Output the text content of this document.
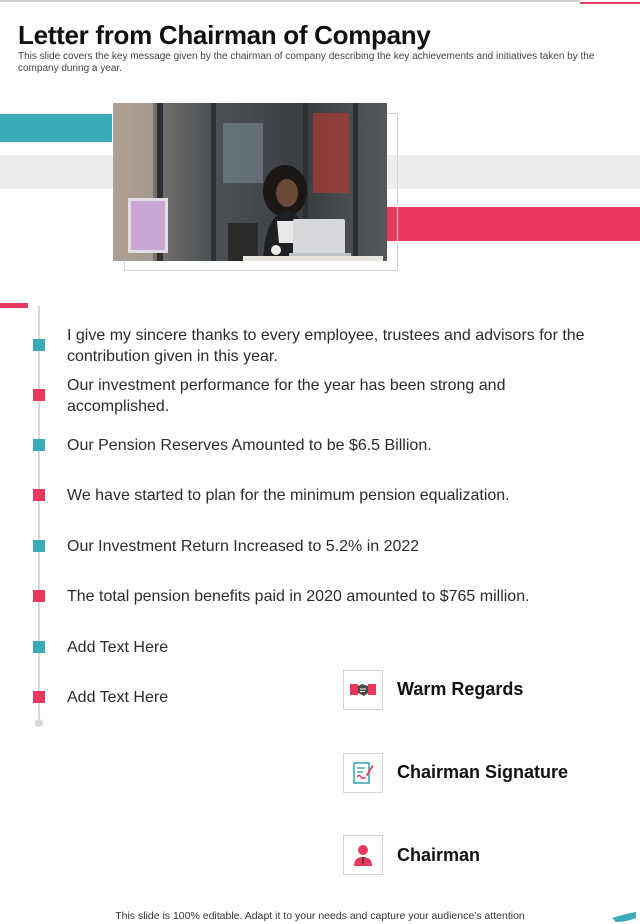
Letter from Chairman of Company

This slide covers the key message given by the chairman of company describing the key achievements and initiatives taken by the company during a year.

I give my sincere thanks to every employee, trustees and advisors for the contribution given in this year.

Our investment performance for the year has been strong and accomplished.

Our Pension Reserves Amounted to be $6.5 Billion.

We have started to plan for the minimum pension equalization.

Our Investment Return Increased to 5.2% in 2022

The total pension benefits paid in 2020 amounted to $765 million.

Add Text Here

Add Text Here	Warm Regards
Chairman Signature
Chairman
This slide is 100% editable. Adapt it to your needs and capture your audience’s attention
